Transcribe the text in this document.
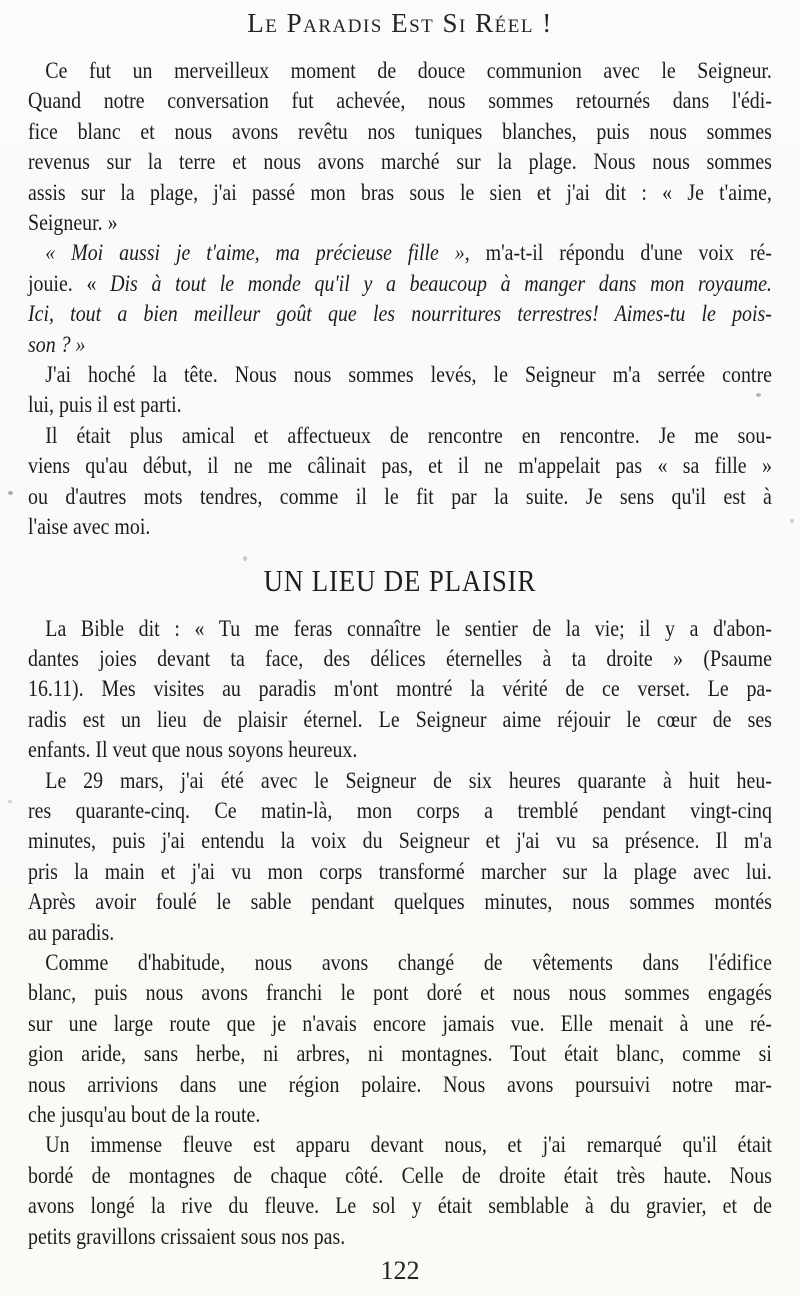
Le Paradis Est Si Réel !
Ce fut un merveilleux moment de douce communion avec le Seigneur.
Quand notre conversation fut achevée, nous sommes retournés dans l'édi-
fice blanc et nous avons revêtu nos tuniques blanches, puis nous sommes
revenus sur la terre et nous avons marché sur la plage. Nous nous sommes
assis sur la plage, j'ai passé mon bras sous le sien et j'ai dit : « Je t'aime,
Seigneur. »
« Moi aussi je t'aime, ma précieuse fille », m'a-t-il répondu d'une voix ré-
jouie. « Dis à tout le monde qu'il y a beaucoup à manger dans mon royaume.
Ici, tout a bien meilleur goût que les nourritures terrestres! Aimes-tu le pois-
son ? »
J'ai hoché la tête. Nous nous sommes levés, le Seigneur m'a serrée contre
lui, puis il est parti.
Il était plus amical et affectueux de rencontre en rencontre. Je me sou-
viens qu'au début, il ne me câlinait pas, et il ne m'appelait pas « sa fille »
ou d'autres mots tendres, comme il le fit par la suite. Je sens qu'il est à
l'aise avec moi.
UN LIEU DE PLAISIR
La Bible dit : « Tu me feras connaître le sentier de la vie; il y a d'abon-
dantes joies devant ta face, des délices éternelles à ta droite » (Psaume
16.11). Mes visites au paradis m'ont montré la vérité de ce verset. Le pa-
radis est un lieu de plaisir éternel. Le Seigneur aime réjouir le cœur de ses
enfants. Il veut que nous soyons heureux.
Le 29 mars, j'ai été avec le Seigneur de six heures quarante à huit heu-
res quarante-cinq. Ce matin-là, mon corps a tremblé pendant vingt-cinq
minutes, puis j'ai entendu la voix du Seigneur et j'ai vu sa présence. Il m'a
pris la main et j'ai vu mon corps transformé marcher sur la plage avec lui.
Après avoir foulé le sable pendant quelques minutes, nous sommes montés
au paradis.
Comme d'habitude, nous avons changé de vêtements dans l'édifice
blanc, puis nous avons franchi le pont doré et nous nous sommes engagés
sur une large route que je n'avais encore jamais vue. Elle menait à une ré-
gion aride, sans herbe, ni arbres, ni montagnes. Tout était blanc, comme si
nous arrivions dans une région polaire. Nous avons poursuivi notre mar-
che jusqu'au bout de la route.
Un immense fleuve est apparu devant nous, et j'ai remarqué qu'il était
bordé de montagnes de chaque côté. Celle de droite était très haute. Nous
avons longé la rive du fleuve. Le sol y était semblable à du gravier, et de
petits gravillons crissaient sous nos pas.
122
